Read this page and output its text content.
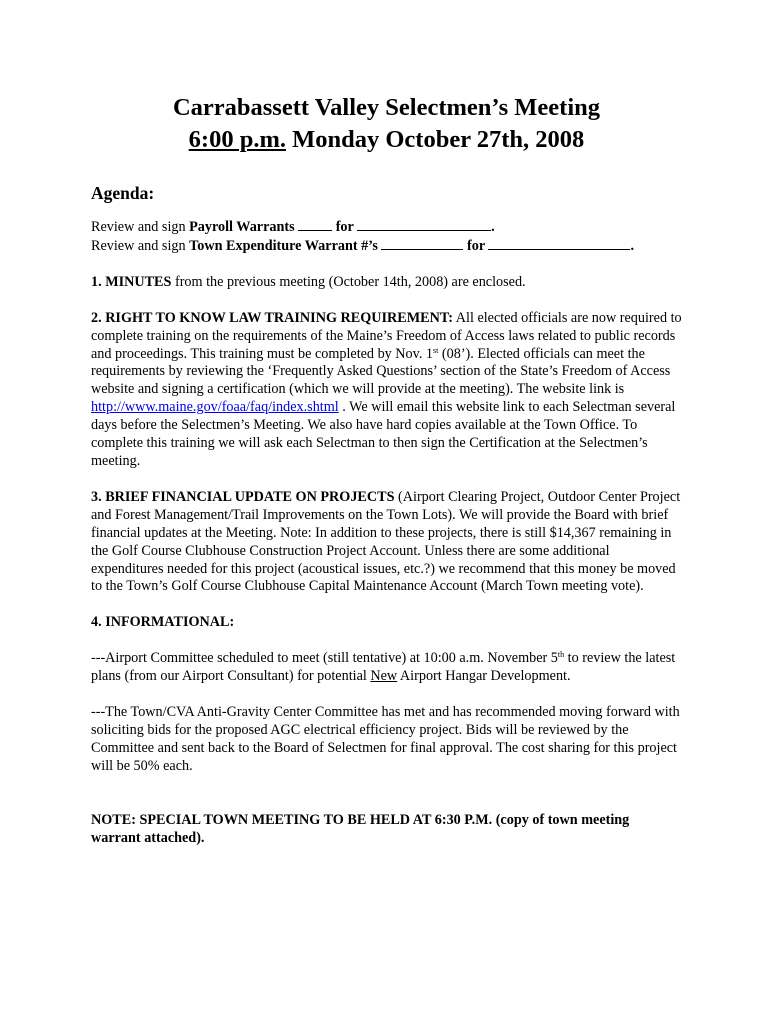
Carrabassett Valley Selectmen’s Meeting
6:00 p.m. Monday October 27th, 2008
Agenda:

Review and sign Payroll Warrants	for	.

Review and sign Town Expenditure Warrant #’s	for	.

1. MINUTES from the previous meeting (October 14th, 2008) are enclosed.

2. RIGHT TO KNOW LAW TRAINING REQUIREMENT: All elected officials are now required to complete training on the requirements of the Maine’s Freedom of Access laws related to public records and proceedings. This training must be completed by Nov. 1st (08’). Elected officials can meet the requirements by reviewing the ‘Frequently Asked Questions’ section of the State’s Freedom of Access website and signing a certification (which we will provide at the meeting). The website link is http://www.maine.gov/foaa/faq/index.shtml . We will email this website link to each Selectman several days before the Selectmen’s Meeting. We also have hard copies available at the Town Office. To complete this training we will ask each Selectman to then sign the Certification at the Selectmen’s meeting.

3. BRIEF FINANCIAL UPDATE ON PROJECTS (Airport Clearing Project, Outdoor Center Project and Forest Management/Trail Improvements on the Town Lots). We will provide the Board with brief financial updates at the Meeting. Note: In addition to these projects, there is still $14,367 remaining in the Golf Course Clubhouse Construction Project Account. Unless there are some additional expenditures needed for this project (acoustical issues, etc.?) we recommend that this money be moved to the Town’s Golf Course Clubhouse Capital Maintenance Account (March Town meeting vote).

4. INFORMATIONAL:

---Airport Committee scheduled to meet (still tentative) at 10:00 a.m. November 5th to review the latest plans (from our Airport Consultant) for potential New Airport Hangar Development.

---The Town/CVA Anti-Gravity Center Committee has met and has recommended moving forward with soliciting bids for the proposed AGC electrical efficiency project. Bids will be reviewed by the Committee and sent back to the Board of Selectmen for final approval. The cost sharing for this project will be 50% each.

NOTE: SPECIAL TOWN MEETING TO BE HELD AT 6:30 P.M. (copy of town meeting warrant attached).
